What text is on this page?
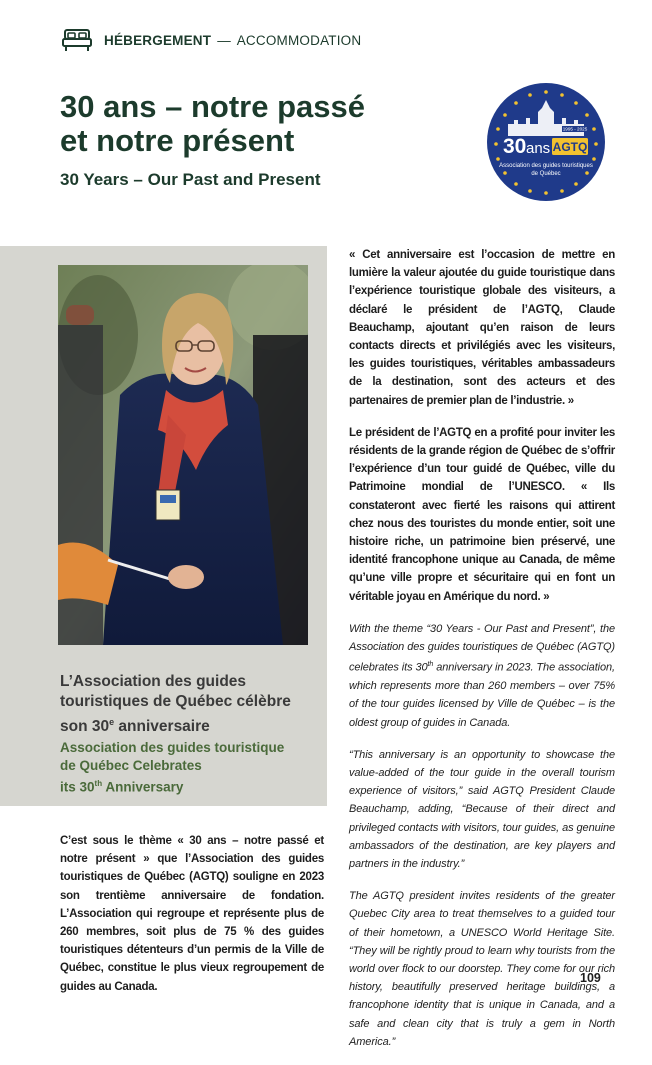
HÉBERGEMENT — ACCOMMODATION
30 ans – notre passé
et notre présent
30 Years – Our Past and Present
1995 - 2025
30 ans AGTQ
Association des guides touristiques
de Québec

L’Association des guides
touristiques de Québec célèbre
son 30e anniversaire

Association des guides touristique
de Québec Celebrates
its 30th Anniversary

C’est sous le thème « 30 ans – notre passé et notre présent » que l’Association des guides touristiques de Québec (AGTQ) souligne en 2023 son trentième anniversaire de fondation. L’Association qui regroupe et représente plus de 260 membres, soit plus de 75 % des guides touristiques détenteurs d’un permis de la Ville de Québec, constitue le plus vieux regroupement de guides au Canada.

« Cet anniversaire est l’occasion de mettre en lumière la valeur ajoutée du guide touristique dans l’expérience touristique globale des visiteurs, a déclaré le président de l’AGTQ, Claude Beauchamp, ajoutant qu’en raison de leurs contacts directs et privilégiés avec les visiteurs, les guides touristiques, véritables ambassadeurs de la destination, sont des acteurs et des partenaires de premier plan de l’industrie. »

Le président de l’AGTQ en a profité pour inviter les résidents de la grande région de Québec de s’offrir l’expérience d’un tour guidé de Québec, ville du Patrimoine mondial de l’UNESCO. « Ils constateront avec fierté les raisons qui attirent chez nous des touristes du monde entier, soit une histoire riche, un patrimoine bien préservé, une identité francophone unique au Canada, de même qu’une ville propre et sécuritaire qui en font un véritable joyau en Amérique du nord. »

With the theme “30 Years - Our Past and Present”, the Association des guides touristiques de Québec (AGTQ) celebrates its 30th anniversary in 2023. The association, which represents more than 260 members – over 75% of the tour guides licensed by Ville de Québec – is the oldest group of guides in Canada.

“This anniversary is an opportunity to showcase the value-added of the tour guide in the overall tourism experience of visitors,” said AGTQ President Claude Beauchamp, adding, “Because of their direct and privileged contacts with visitors, tour guides, as genuine ambassadors of the destination, are key players and partners in the industry.”

The AGTQ president invites residents of the greater Quebec City area to treat themselves to a guided tour of their hometown, a UNESCO World Heritage Site. “They will be rightly proud to learn why tourists from the world over flock to our doorstep. They come for our rich history, beautifully preserved heritage buildings, a francophone identity that is unique in Canada, and a safe and clean city that is truly a gem in North America.”

109
